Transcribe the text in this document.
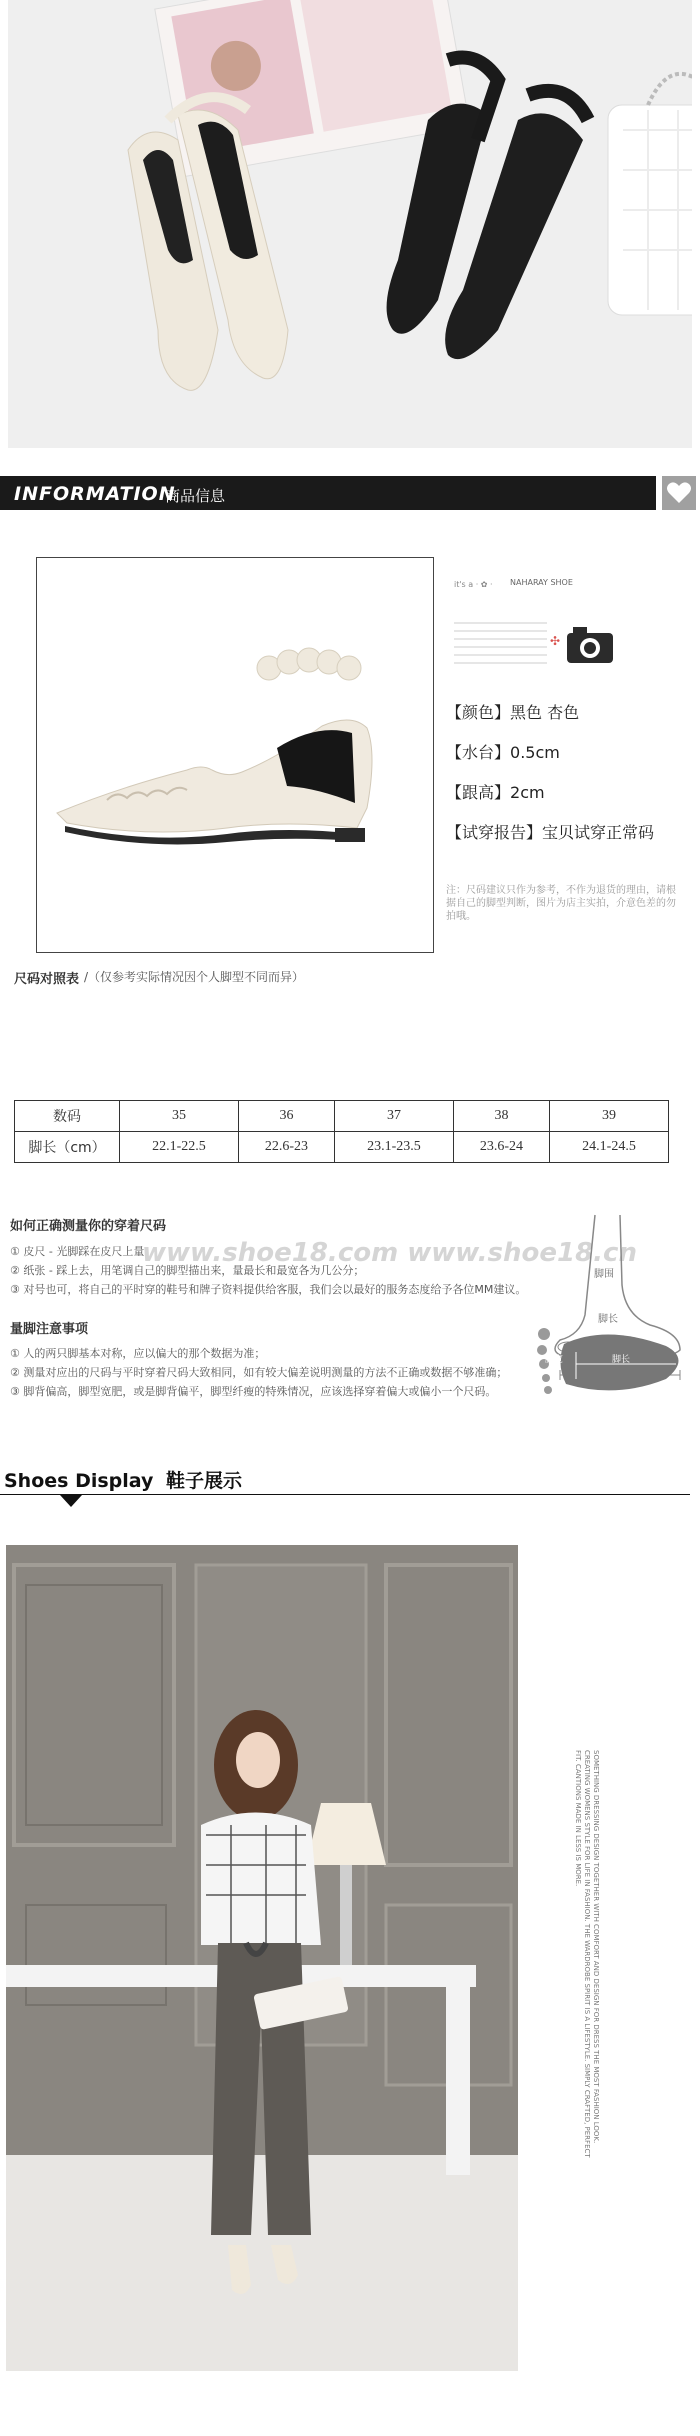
INFORMATION
商品信息
it's a · ✿ ·
✣
NAHARAY SHOE
【颜色】黑色 杏色
【水台】0.5cm
【跟高】2cm
【试穿报告】宝贝试穿正常码
注：尺码建议只作为参考，不作为退货的理由，请根据自己的脚型判断，图片为店主实拍，介意色差的勿拍哦。
尺码对照表 /（仅参考实际情况因个人脚型不同而异）
数码	35	36	37	38	39
脚长（cm）	22.1-22.5	22.6-23	23.1-23.5	23.6-24	24.1-24.5
如何正确测量你的穿着尺码
www.shoe18.com www.shoe18.cn
① 皮尺 - 光脚踩在皮尺上量
② 纸张 - 踩上去，用笔调自己的脚型描出来，量最长和最宽各为几公分；
③ 对号也可，将自己的平时穿的鞋号和牌子资料提供给客服，我们会以最好的服务态度给予各位MM建议。
量脚注意事项
① 人的两只脚基本对称，应以偏大的那个数据为准；
② 测量对应出的尺码与平时穿着尺码大致相同，如有较大偏差说明测量的方法不正确或数据不够准确；
③ 脚背偏高，脚型宽肥，或是脚背偏平，脚型纤瘦的特殊情况，应该选择穿着偏大或偏小一个尺码。
脚围
脚长
脚宽	脚长
Shoes Display 鞋子展示
SOMETHING DRESSING DESIGN TOGETHER WITH COMFORT AND DESIGN FOR DRESS THE MOST FASHION LOOK. CREATING WOMENS STYLE FOR LIFE IN FASHION. THE WARDROBE SPIRIT IS A LIFESTYLE. SIMPLY CRAFTED, PERFECT FIT. CANTIONS MADE IN LESS IS MORE.
